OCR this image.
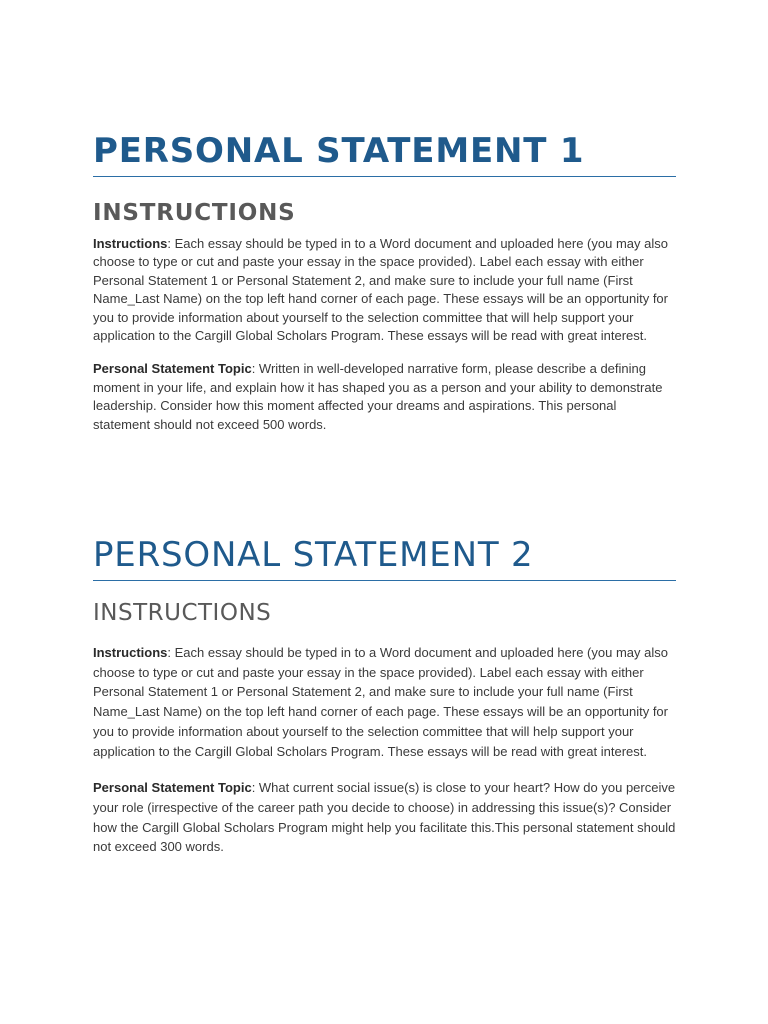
PERSONAL STATEMENT 1
INSTRUCTIONS

Instructions: Each essay should be typed in to a Word document and uploaded here (you may also choose to type or cut and paste your essay in the space provided). Label each essay with either Personal Statement 1 or Personal Statement 2, and make sure to include your full name (First Name_Last Name) on the top left hand corner of each page. These essays will be an opportunity for you to provide information about yourself to the selection committee that will help support your application to the Cargill Global Scholars Program. These essays will be read with great interest.

Personal Statement Topic: Written in well-developed narrative form, please describe a defining moment in your life, and explain how it has shaped you as a person and your ability to demonstrate leadership. Consider how this moment affected your dreams and aspirations. This personal statement should not exceed 500 words.

PERSONAL STATEMENT 2
INSTRUCTIONS

Instructions: Each essay should be typed in to a Word document and uploaded here (you may also choose to type or cut and paste your essay in the space provided). Label each essay with either Personal Statement 1 or Personal Statement 2, and make sure to include your full name (First Name_Last Name) on the top left hand corner of each page. These essays will be an opportunity for you to provide information about yourself to the selection committee that will help support your application to the Cargill Global Scholars Program. These essays will be read with great interest.

Personal Statement Topic: What current social issue(s) is close to your heart? How do you perceive your role (irrespective of the career path you decide to choose) in addressing this issue(s)? Consider how the Cargill Global Scholars Program might help you facilitate this.This personal statement should not exceed 300 words.
